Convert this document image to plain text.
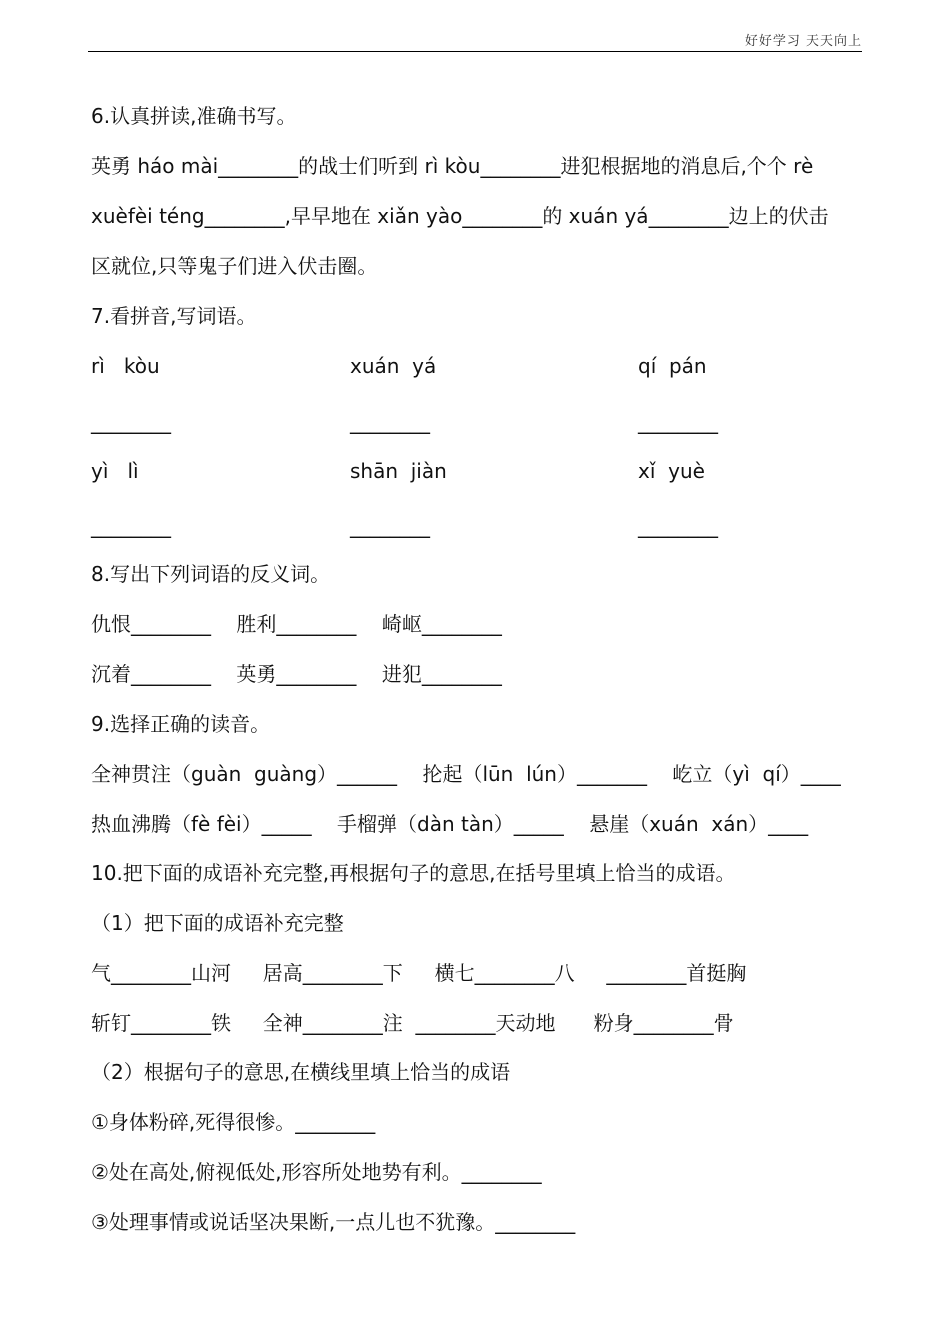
好好学习 天天向上
6.认真拼读,准确书写。
英勇 háo mài________的战士们听到 rì kòu________进犯根据地的消息后,个个 rè
xuèfèi téng________,早早地在 xiǎn yào________的 xuán yá________边上的伏击
区就位,只等鬼子们进入伏击圈。
7.看拼音,写词语。
rì   kòu	xuán  yá	qí  pán
________	________	________
yì   lì	shān  jiàn	xǐ  yuè
________	________	________
8.写出下列词语的反义词。
仇恨________    胜利________    崎岖________
沉着________    英勇________    进犯________
9.选择正确的读音。
全神贯注（guàn  guàng）______    抡起（lūn  lún）_______    屹立（yì  qí）____
热血沸腾（fè fèi）_____    手榴弹（dàn tàn）_____    悬崖（xuán  xán）____
10.把下面的成语补充完整,再根据句子的意思,在括号里填上恰当的成语。
（1）把下面的成语补充完整
气________山河     居高________下     横七________八     ________首挺胸
斩钉________铁     全神________注  ________天动地      粉身________骨
（2）根据句子的意思,在横线里填上恰当的成语
①身体粉碎,死得很惨。________
②处在高处,俯视低处,形容所处地势有利。________
③处理事情或说话坚决果断,一点儿也不犹豫。________
